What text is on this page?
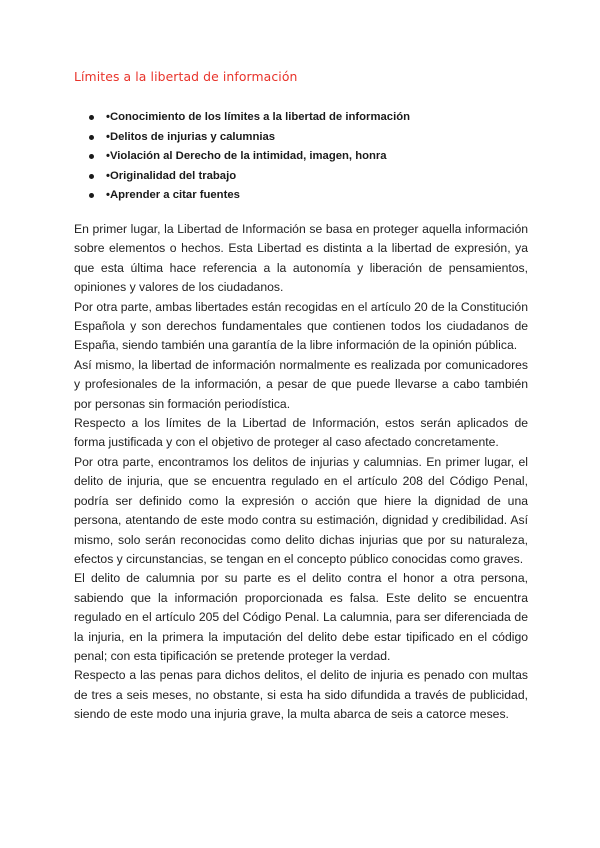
Límites a la libertad de información
•Conocimiento de los límites a la libertad de información
•Delitos de injurias y calumnias
•Violación al Derecho de la intimidad, imagen, honra
•Originalidad del trabajo
•Aprender a citar fuentes

En primer lugar, la Libertad de Información se basa en proteger aquella información sobre elementos o hechos. Esta Libertad es distinta a la libertad de expresión, ya que esta última hace referencia a la autonomía y liberación de pensamientos, opiniones y valores de los ciudadanos.

Por otra parte, ambas libertades están recogidas en el artículo 20 de la Constitución Española y son derechos fundamentales que contienen todos los ciudadanos de España, siendo también una garantía de la libre información de la opinión pública.

Así mismo, la libertad de información normalmente es realizada por comunicadores y profesionales de la información, a pesar de que puede llevarse a cabo también por personas sin formación periodística.

Respecto a los límites de la Libertad de Información, estos serán aplicados de forma justificada y con el objetivo de proteger al caso afectado concretamente.

Por otra parte, encontramos los delitos de injurias y calumnias. En primer lugar, el delito de injuria, que se encuentra regulado en el artículo 208 del Código Penal, podría ser definido como la expresión o acción que hiere la dignidad de una persona, atentando de este modo contra su estimación, dignidad y credibilidad. Así mismo, solo serán reconocidas como delito dichas injurias que por su naturaleza, efectos y circunstancias, se tengan en el concepto público conocidas como graves.

El delito de calumnia por su parte es el delito contra el honor a otra persona, sabiendo que la información proporcionada es falsa. Este delito se encuentra regulado en el artículo 205 del Código Penal. La calumnia, para ser diferenciada de la injuria, en la primera la imputación del delito debe estar tipificado en el código penal; con esta tipificación se pretende proteger la verdad.

Respecto a las penas para dichos delitos, el delito de injuria es penado con multas de tres a seis meses, no obstante, si esta ha sido difundida a través de publicidad, siendo de este modo una injuria grave, la multa abarca de seis a catorce meses.
